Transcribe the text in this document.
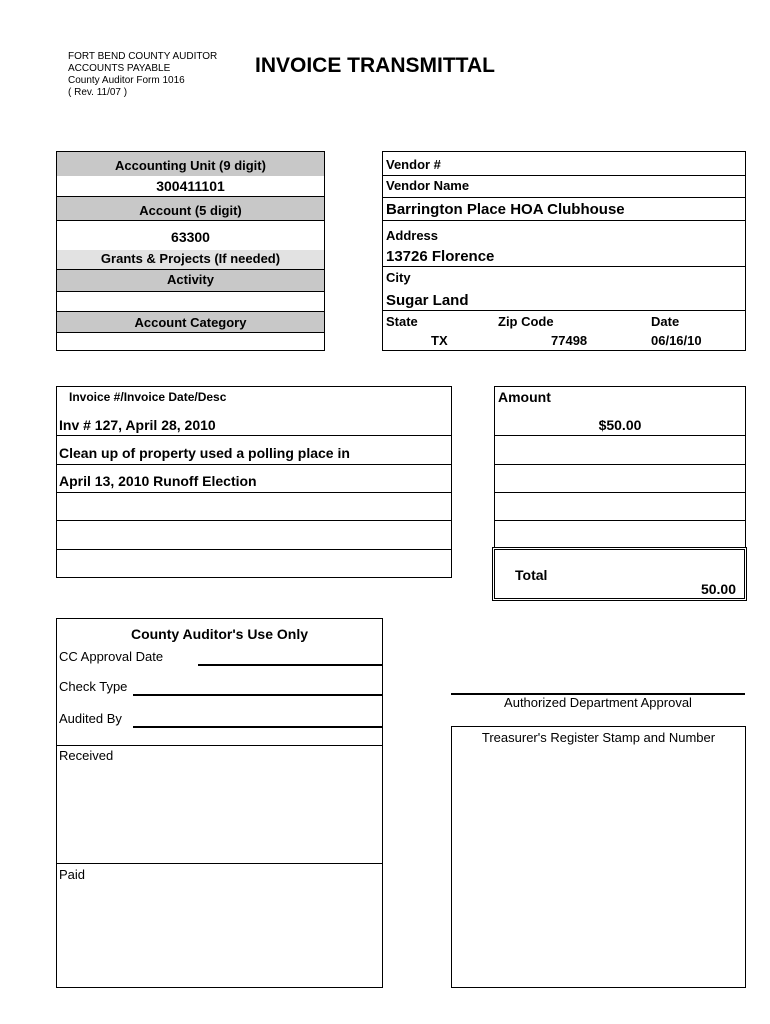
FORT BEND COUNTY AUDITOR
ACCOUNTS PAYABLE
County Auditor Form 1016
( Rev. 11/07 )
INVOICE TRANSMITTAL
Accounting Unit (9 digit)
300411101
Account (5 digit)
63300
Grants & Projects (If needed)
Activity
Account Category
Vendor #
Vendor Name
Barrington Place HOA Clubhouse
Address
13726 Florence
City
Sugar Land
State
TX
Zip Code
77498
Date
06/16/10
Invoice #/Invoice Date/Desc
Inv # 127, April 28, 2010
Clean up of property used a polling place in
April 13, 2010 Runoff Election
Amount
$50.00
Total
50.00
County Auditor's Use Only
CC Approval Date
Check Type
Audited By
Received
Paid
Authorized Department Approval
Treasurer's Register Stamp and Number
